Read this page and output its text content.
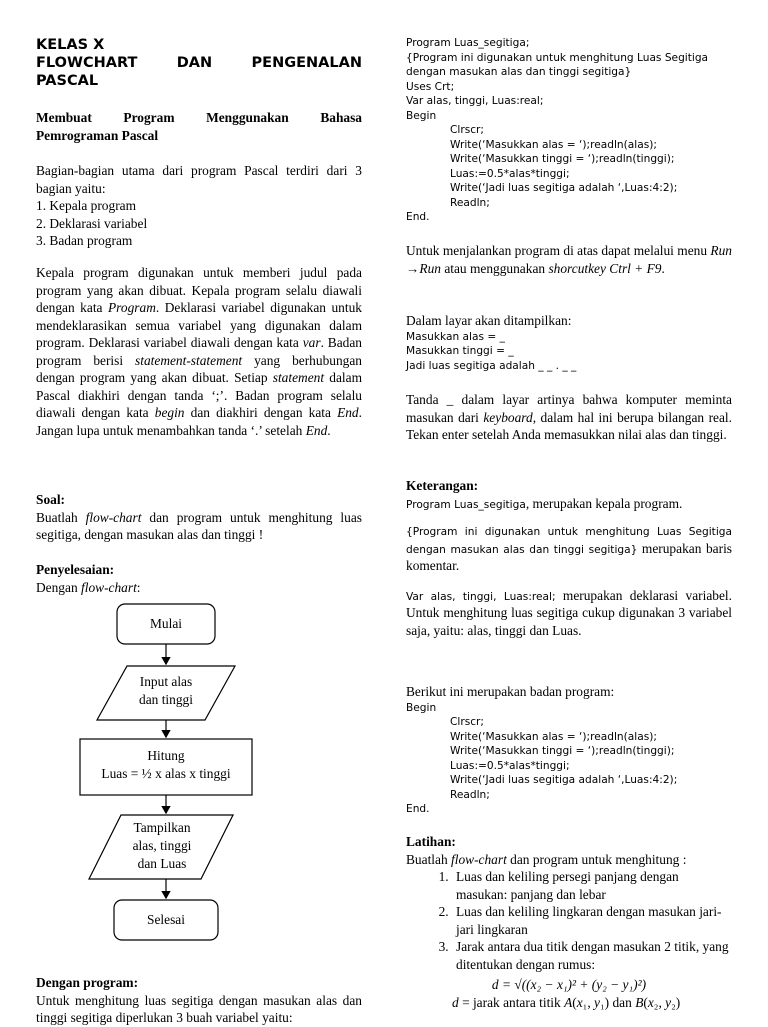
KELAS X
FLOWCHART	DAN	PENGENALAN
PASCAL

Membuat Program Menggunakan Bahasa Pemrograman Pascal

Bagian-bagian utama dari program Pascal terdiri dari 3 bagian yaitu:

1. Kepala program
2. Deklarasi variabel
3. Badan program

Kepala program digunakan untuk memberi judul pada program yang akan dibuat. Kepala program selalu diawali dengan kata Program. Deklarasi variabel digunakan untuk mendeklarasikan semua variabel yang digunakan dalam program. Deklarasi variabel diawali dengan kata var. Badan program berisi statement-statement yang berhubungan dengan program yang akan dibuat. Setiap statement dalam Pascal diakhiri dengan tanda ‘;’. Badan program selalu diawali dengan kata begin dan diakhiri dengan kata End. Jangan lupa untuk menambahkan tanda ‘.’ setelah End.

Soal:

Buatlah flow-chart dan program untuk menghitung luas segitiga, dengan masukan alas dan tinggi !

Penyelesaian:
Dengan flow-chart:
Mulai
Input alas
dan tinggi
Hitung
Luas = ½ x alas x tinggi
Tampilkan
alas, tinggi
dan Luas
Selesai
Dengan program:

Untuk menghitung luas segitiga dengan masukan alas dan tinggi segitiga diperlukan 3 buah variabel yaitu:

Program Luas_segitiga;
{Program ini digunakan untuk menghitung Luas Segitiga
dengan masukan alas dan tinggi segitiga}
Uses Crt;
Var alas, tinggi, Luas:real;
Begin
Clrscr;
Write(‘Masukkan alas = ‘);readln(alas);
Write(‘Masukkan tinggi = ‘);readln(tinggi);
Luas:=0.5*alas*tinggi;
Write(‘Jadi luas segitiga adalah ‘,Luas:4:2);
Readln;
End.

Untuk menjalankan program di atas dapat melalui menu Run →Run atau menggunakan shorcutkey Ctrl + F9.

Dalam layar akan ditampilkan:
Masukkan alas = _
Masukkan tinggi = _
Jadi luas segitiga adalah _ _ . _ _

Tanda _ dalam layar artinya bahwa komputer meminta masukan dari keyboard, dalam hal ini berupa bilangan real. Tekan enter setelah Anda memasukkan nilai alas dan tinggi.

Keterangan:

Program Luas_segitiga, merupakan kepala program.

{Program ini digunakan untuk menghitung Luas Segitiga dengan masukan alas dan tinggi segitiga} merupakan baris komentar.

Var alas, tinggi, Luas:real; merupakan deklarasi variabel. Untuk menghitung luas segitiga cukup digunakan 3 variabel saja, yaitu: alas, tinggi dan Luas.

Berikut ini merupakan badan program:
Begin
Clrscr;
Write(‘Masukkan alas = ‘);readln(alas);
Write(‘Masukkan tinggi = ‘);readln(tinggi);
Luas:=0.5*alas*tinggi;
Write(‘Jadi luas segitiga adalah ‘,Luas:4:2);
Readln;
End.
Latihan:
Buatlah flow-chart dan program untuk menghitung :
1. Luas dan keliling persegi panjang dengan masukan: panjang dan lebar
2. Luas dan keliling lingkaran dengan masukan jari-jari lingkaran
3. Jarak antara dua titik dengan masukan 2 titik, yang ditentukan dengan rumus:
d = √((x₂ − x₁)² + (y₂ − y₁)²)
d = jarak antara titik A(x₁, y₁) dan B(x₂, y₂)
